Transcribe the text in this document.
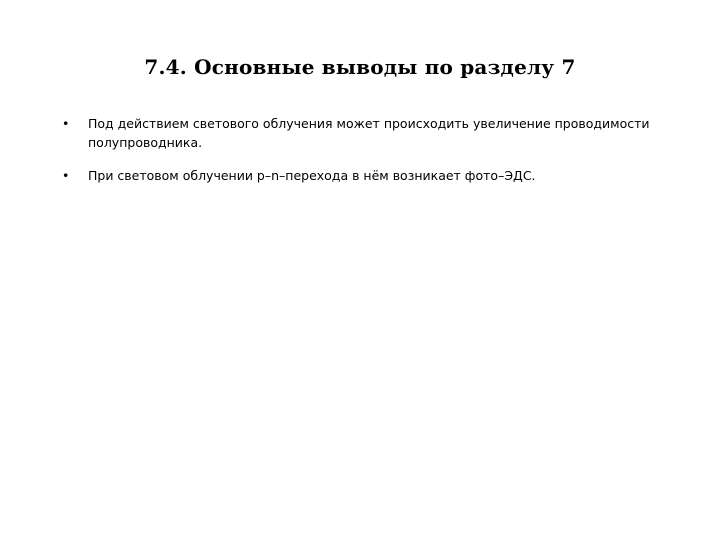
7.4. Основные выводы по разделу 7
• Под действием светового облучения может происходить увеличение проводимости полупроводника.
• При световом облучении p–n–перехода в нём возникает фото–ЭДС.
